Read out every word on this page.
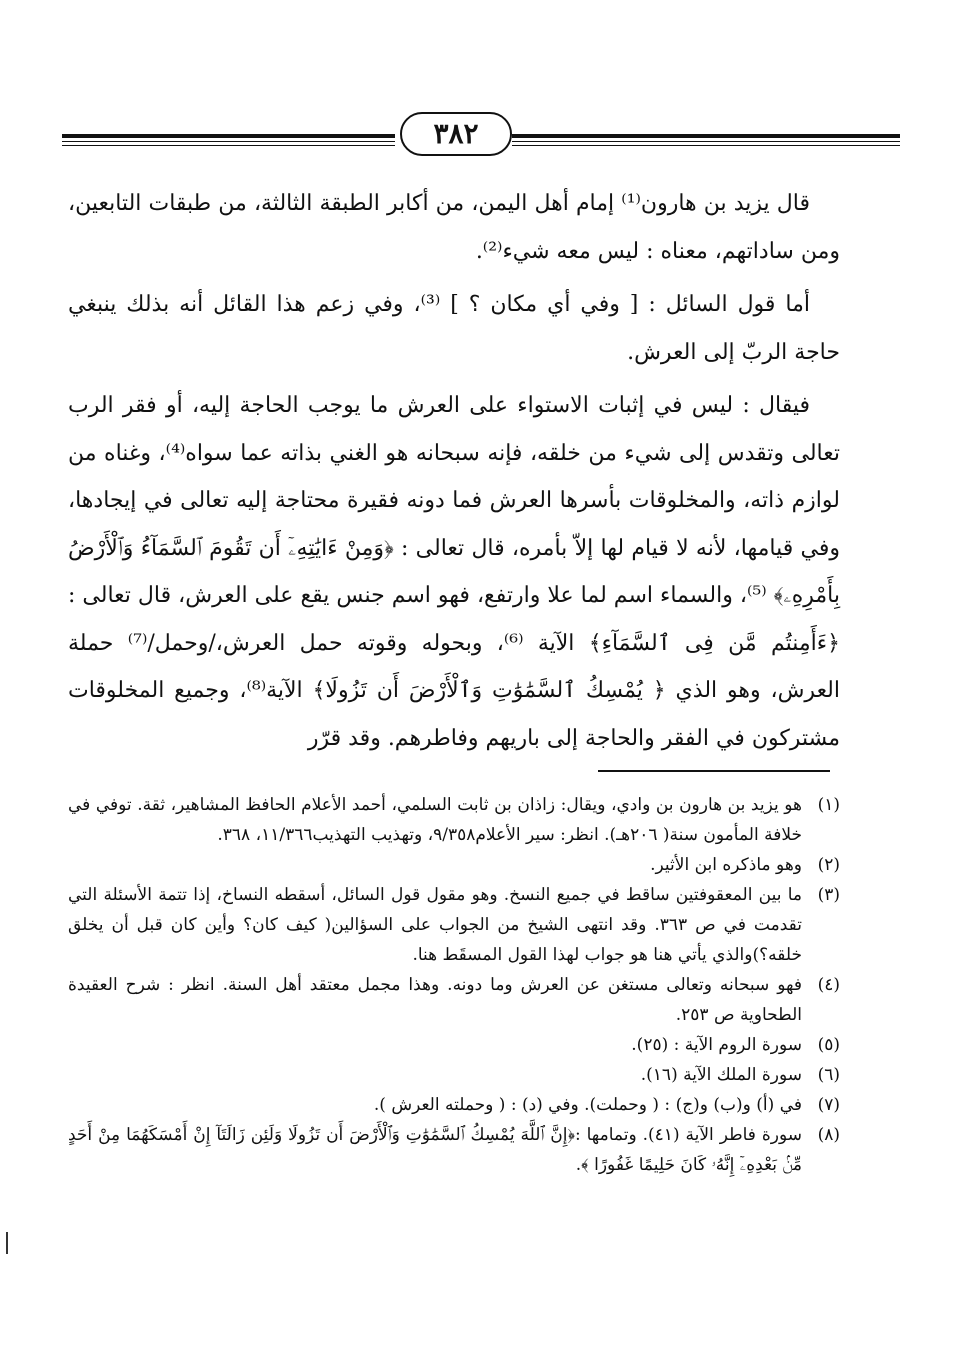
٣٨٢

قال يزيد بن هارون⁽¹⁾ إمام أهل اليمن، من أكابر الطبقة الثالثة، من طبقات التابعين، ومن ساداتهم، معناه : ليس معه شيء⁽²⁾.

أما قول السائل : [ وفي أي مكان ؟ ] ⁽³⁾، وفي زعم هذا القائل أنه بذلك ينبغي حاجة الربّ إلى العرش.

فيقال : ليس في إثبات الاستواء على العرش ما يوجب الحاجة إليه، أو فقر الرب تعالى وتقدس إلى شيء من خلقه، فإنه سبحانه هو الغني بذاته عما سواه⁽⁴⁾، وغناه من لوازم ذاته، والمخلوقات بأسرها العرش فما دونه فقيرة محتاجة إليه تعالى في إيجادها، وفي قيامها، لأنه لا قيام لها إلاّ بأمره، قال تعالى : ﴿وَمِنْ ءَايَٰتِهِۦٓ أَن تَقُومَ ٱلسَّمَآءُ وَٱلْأَرْضُ بِأَمْرِهِۦ﴾ ⁽⁵⁾، والسماء اسم لما علا وارتفع، فهو اسم جنس يقع على العرش، قال تعالى : ﴿ءَأَمِنتُم مَّن فِى ٱلسَّمَآءِ﴾ الآية ⁽⁶⁾، وبحوله وقوته حمل العرش،/وحمل/⁽⁷⁾ حملة العرش، وهو الذي ﴿ يُمْسِكُ ٱلسَّمَٰوَٰتِ وَٱلْأَرْضَ أَن تَزُولَا﴾ الآية⁽⁸⁾، وجميع المخلوقات مشتركون في الفقر والحاجة إلى باريهم وفاطرهم. وقد قرّر

(١)
هو يزيد بن هارون بن وادي، ويقال: زاذان بن ثابت السلمي، أحمد الأعلام الحافظ المشاهير، ثقة. توفي في خلافة المأمون سنة( ٢٠٦هـ). انظر: سير الأعلام٩/٣٥٨، وتهذيب التهذيب١١/٣٦٦، ٣٦٨.
(٢)
وهو ماذكره ابن الأثير.
(٣)
ما بين المعقوفتين ساقط في جميع النسخ. وهو مقول قول السائل، أسقطه النساخ، إذا تتمة الأسئلة التي تقدمت في ص ٣٦٣. وقد انتهى الشيخ من الجواب على السؤالين( كيف كان؟ وأين كان قبل أن يخلق خلقه؟)والذي يأتي هنا هو جواب لهذا القول المسقَط هنا.
(٤)
فهو سبحانه وتعالى مستغن عن العرش وما دونه. وهذا مجمل معتقد أهل السنة. انظر : شرح العقيدة الطحاوية ص ٢٥٣.
(٥)
سورة الروم الآية : (٢٥).
(٦)
سورة الملك الآية (١٦).
(٧)
في (أ) و(ب) و(ج) : ( وحملت). وفي (د) : ( وحملته العرش ).
(٨)
سورة فاطر الآية (٤١). وتمامها :﴿إِنَّ ٱللَّهَ يُمْسِكُ ٱلسَّمَٰوَٰتِ وَٱلْأَرْضَ أَن تَزُولَا وَلَئِن زَالَتَآ إِنْ أَمْسَكَهُمَا مِنْ أَحَدٍ مِّنۢ بَعْدِهِۦٓ إِنَّهُۥ كَانَ حَلِيمًا غَفُورًا ﴾.
